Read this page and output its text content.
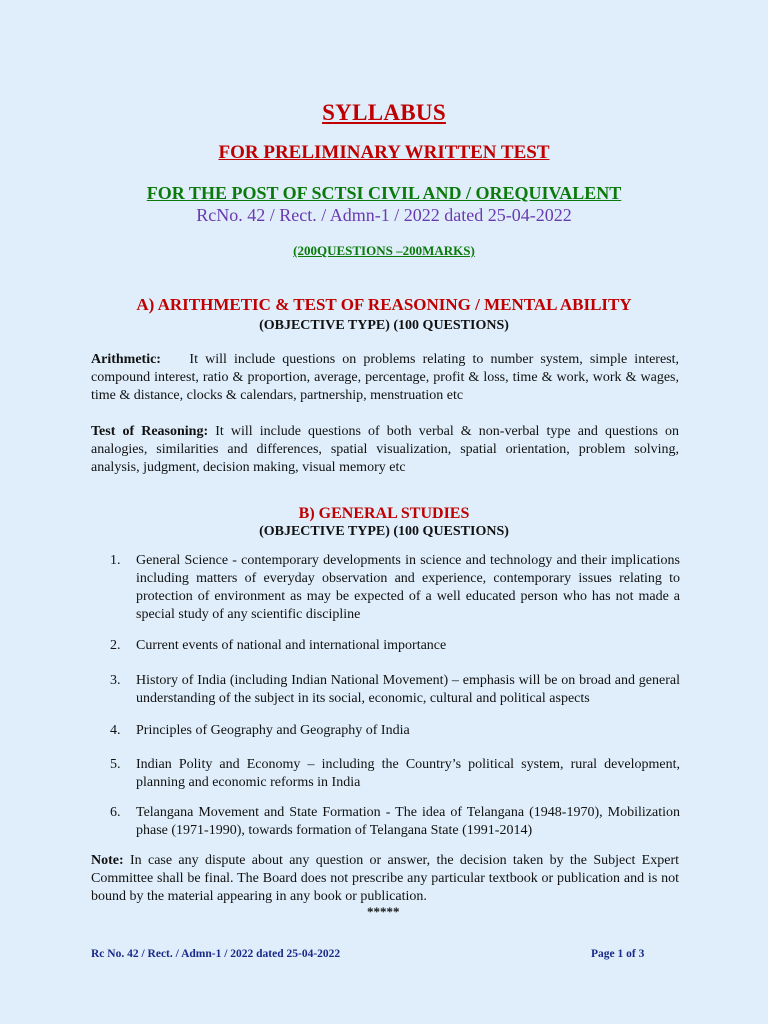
SYLLABUS
FOR PRELIMINARY WRITTEN TEST
FOR THE POST OF SCTSI CIVIL AND / OREQUIVALENT
RcNo. 42 / Rect. / Admn-1 / 2022 dated 25-04-2022
(200QUESTIONS –200MARKS)
A) ARITHMETIC & TEST OF REASONING / MENTAL ABILITY
(OBJECTIVE TYPE) (100 QUESTIONS)
Arithmetic: It will include questions on problems relating to number system, simple interest, compound interest, ratio & proportion, average, percentage, profit & loss, time & work, work & wages, time & distance, clocks & calendars, partnership, menstruation etc
Test of Reasoning: It will include questions of both verbal & non-verbal type and questions on analogies, similarities and differences, spatial visualization, spatial orientation, problem solving, analysis, judgment, decision making, visual memory etc
B) GENERAL STUDIES
(OBJECTIVE TYPE) (100 QUESTIONS)
1.	General Science - contemporary developments in science and technology and their implications including matters of everyday observation and experience, contemporary issues relating to protection of environment as may be expected of a well educated person who has not made a special study of any scientific discipline
2.	Current events of national and international importance
3.	History of India (including Indian National Movement) – emphasis will be on broad and general understanding of the subject in its social, economic, cultural and political aspects
4.	Principles of Geography and Geography of India
5.	Indian Polity and Economy – including the Country’s political system, rural development, planning and economic reforms in India
6.	Telangana Movement and State Formation - The idea of Telangana (1948-1970), Mobilization phase (1971-1990), towards formation of Telangana State (1991-2014)
Note: In case any dispute about any question or answer, the decision taken by the Subject Expert Committee shall be final. The Board does not prescribe any particular textbook or publication and is not bound by the material appearing in any book or publication.
*****
Rc No. 42 / Rect. / Admn-1 / 2022 dated 25-04-2022	Page 1 of 3
